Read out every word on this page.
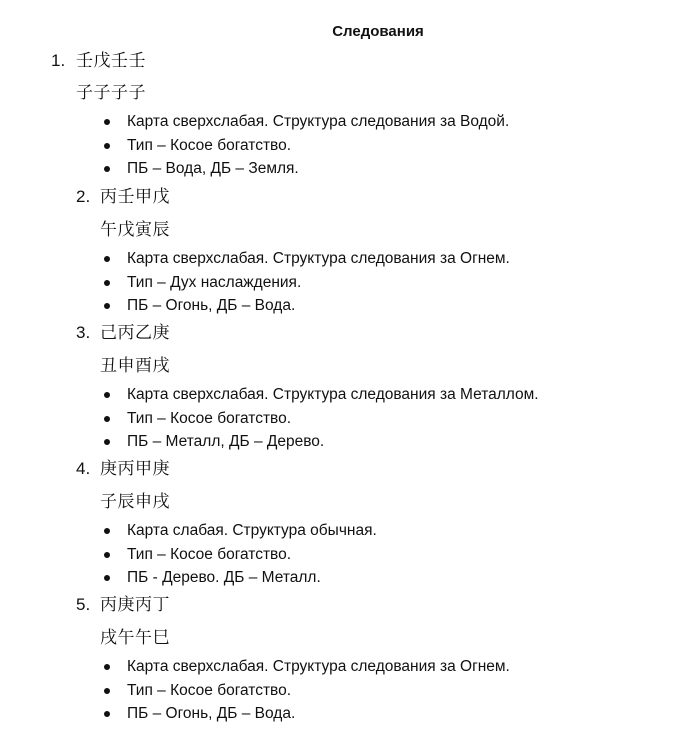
Следования
1. 壬戊壬壬
子子子子
Карта сверхслабая. Структура следования за Водой.
Тип – Косое богатство.
ПБ – Вода, ДБ – Земля.
2. 丙壬甲戊
午戊寅辰
Карта сверхслабая. Структура следования за Огнем.
Тип – Дух наслаждения.
ПБ – Огонь, ДБ – Вода.
3. 己丙乙庚
丑申酉戌
Карта сверхслабая. Структура следования за Металлом.
Тип – Косое богатство.
ПБ – Металл, ДБ – Дерево.
4. 庚丙甲庚
子辰申戌
Карта слабая. Структура обычная.
Тип – Косое богатство.
ПБ - Дерево. ДБ – Металл.
5. 丙庚丙丁
戌午午巳
Карта сверхслабая. Структура следования за Огнем.
Тип – Косое богатство.
ПБ – Огонь, ДБ – Вода.
